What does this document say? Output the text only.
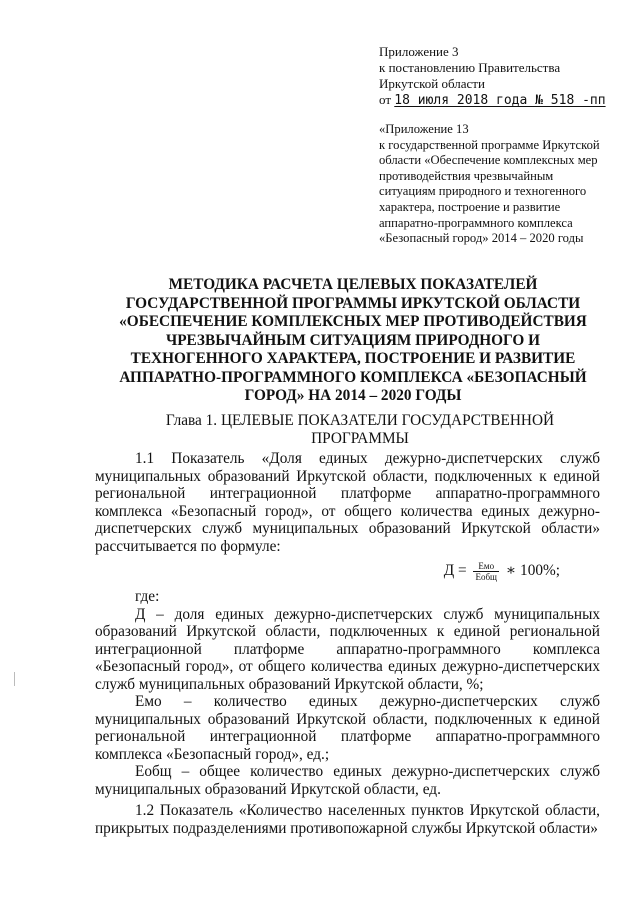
Приложение 3
к постановлению Правительства
Иркутской области
от 18 июля 2018 года № 518 -пп
«Приложение 13
к государственной программе Иркутской
области «Обеспечение комплексных мер
противодействия чрезвычайным
ситуациям природного и техногенного
характера, построение и развитие
аппаратно-программного комплекса
«Безопасный город» 2014 – 2020 годы
МЕТОДИКА РАСЧЕТА ЦЕЛЕВЫХ ПОКАЗАТЕЛЕЙ
ГОСУДАРСТВЕННОЙ ПРОГРАММЫ ИРКУТСКОЙ ОБЛАСТИ
«ОБЕСПЕЧЕНИЕ КОМПЛЕКСНЫХ МЕР ПРОТИВОДЕЙСТВИЯ
ЧРЕЗВЫЧАЙНЫМ СИТУАЦИЯМ ПРИРОДНОГО И
ТЕХНОГЕННОГО ХАРАКТЕРА, ПОСТРОЕНИЕ И РАЗВИТИЕ
АППАРАТНО-ПРОГРАММНОГО КОМПЛЕКСА «БЕЗОПАСНЫЙ
ГОРОД» НА 2014 – 2020 ГОДЫ
Глава 1. ЦЕЛЕВЫЕ ПОКАЗАТЕЛИ ГОСУДАРСТВЕННОЙ
ПРОГРАММЫ

1.1 Показатель «Доля единых дежурно-диспетчерских служб муниципальных образований Иркутской области, подключенных к единой региональной интеграционной платформе аппаратно-программного комплекса «Безопасный город», от общего количества единых дежурно-диспетчерских служб муниципальных образований Иркутской области» рассчитывается по формуле:

$Д = \frac{\text{Емо}}{\text{Еобщ}}$ ∗ 100%;

где:

Д – доля единых дежурно-диспетчерских служб муниципальных образований Иркутской области, подключенных к единой региональной интеграционной платформе аппаратно-программного комплекса «Безопасный город», от общего количества единых дежурно-диспетчерских служб муниципальных образований Иркутской области, %;

Емо – количество единых дежурно-диспетчерских служб муниципальных образований Иркутской области, подключенных к единой региональной интеграционной платформе аппаратно-программного комплекса «Безопасный город», ед.;

Еобщ – общее количество единых дежурно-диспетчерских служб муниципальных образований Иркутской области, ед.

1.2 Показатель «Количество населенных пунктов Иркутской области, прикрытых подразделениями противопожарной службы Иркутской области»
